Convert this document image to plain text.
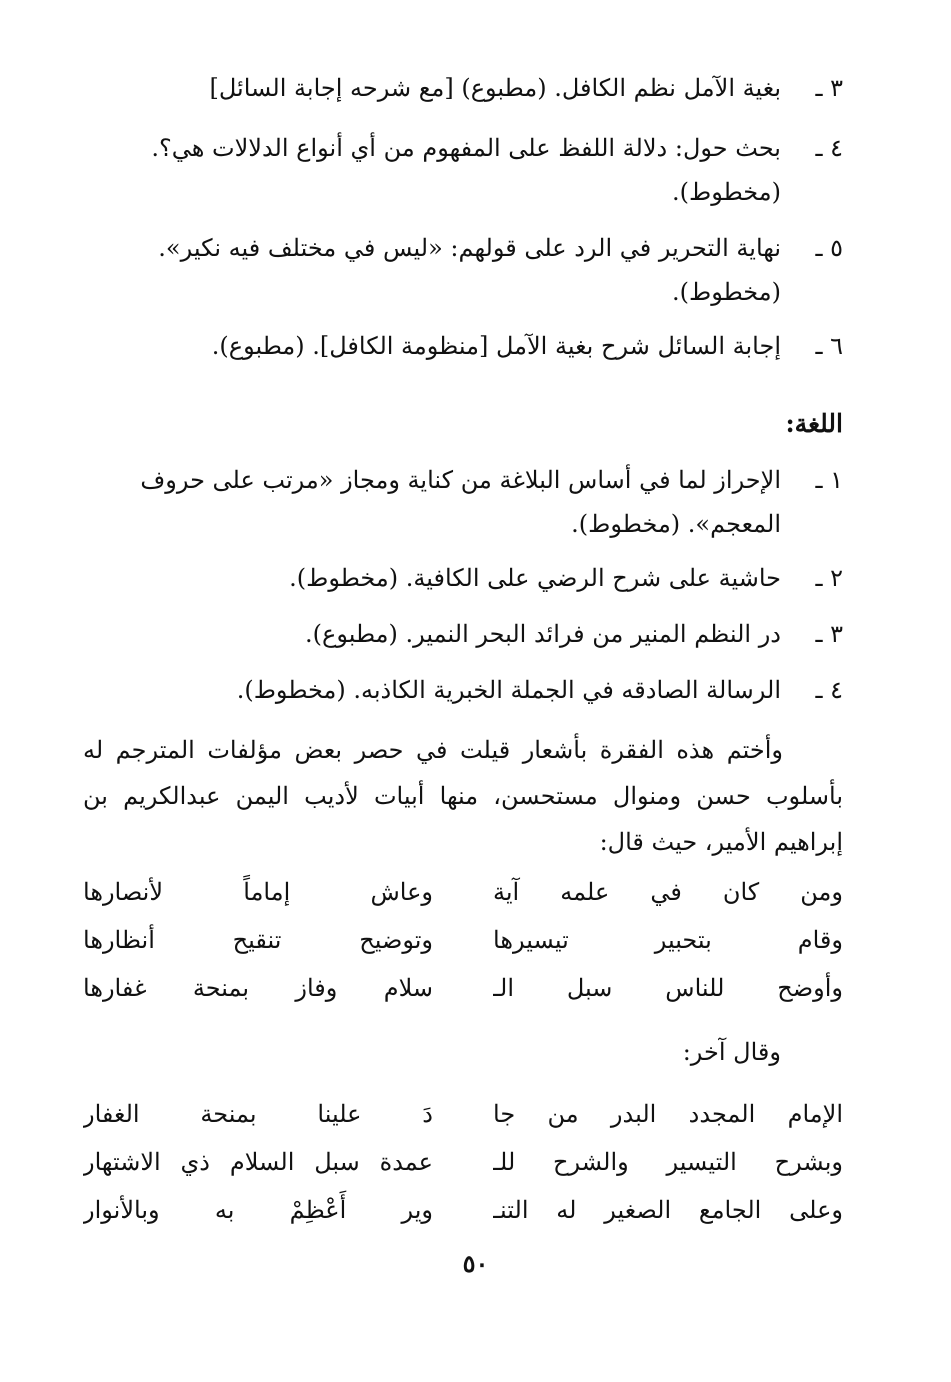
٣ ـ
بغية الآمل نظم الكافل. (مطبوع) [مع شرحه إجابة السائل]
٤ ـ
بحث حول: دلالة اللفظ على المفهوم من أي أنواع الدلالات هي؟. (مخطوط).
٥ ـ
نهاية التحرير في الرد على قولهم: «ليس في مختلف فيه نكير». (مخطوط).
٦ ـ
إجابة السائل شرح بغية الآمل [منظومة الكافل]. (مطبوع).
اللغة:
١ ـ
الإحراز لما في أساس البلاغة من كناية ومجاز «مرتب على حروف المعجم». (مخطوط).
٢ ـ
حاشية على شرح الرضي على الكافية. (مخطوط).
٣ ـ
در النظم المنير من فرائد البحر النمير. (مطبوع).
٤ ـ
الرسالة الصادقه في الجملة الخبرية الكاذبه. (مخطوط).
وأختم هذه الفقرة بأشعار قيلت في حصر بعض مؤلفات المترجم له بأسلوب حسن ومنوال مستحسن، منها أبيات لأديب اليمن عبدالكريم بن إبراهيم الأمير، حيث قال:
ومن كان في علمه آية
وعاش إماماً لأنصارها
وقام بتحبير تيسيرها
وتوضيح تنقيح أنظارها
وأوضح للناس سبل الـ
سلام وفاز بمنحة غفارها
وقال آخر:
الإمام المجدد البدر من جا
دَ علينا بمنحة الغفار
وبشرح التيسير والشرح للـ
عمدة سبل السلام ذي الاشتهار
وعلى الجامع الصغير له التنـ
وير أَعْظِمْ به وبالأنوار
٥٠
